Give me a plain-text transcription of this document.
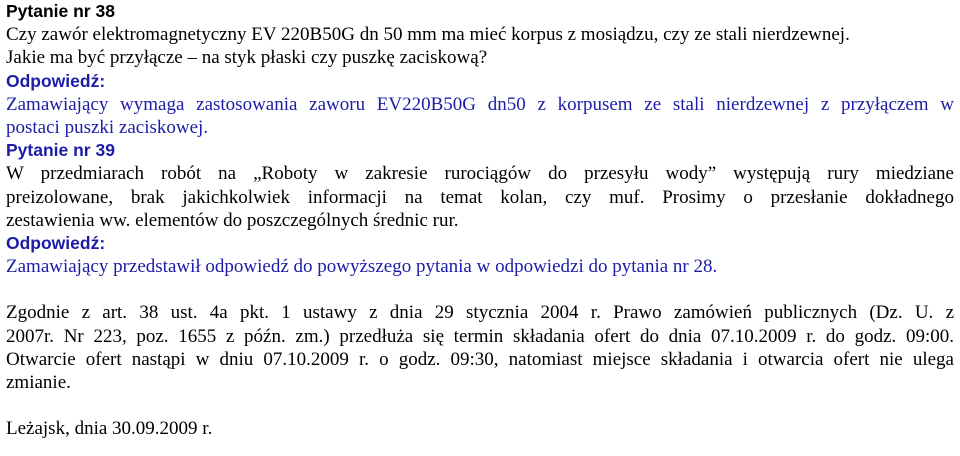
Pytanie nr 38
Czy zawór elektromagnetyczny EV 220B50G dn 50 mm ma mieć korpus z mosiądzu, czy ze stali nierdzewnej.
Jakie ma być przyłącze – na styk płaski czy puszkę zaciskową?
Odpowiedź:
Zamawiający wymaga zastosowania zaworu EV220B50G dn50 z korpusem ze stali nierdzewnej z przyłączem w
postaci puszki zaciskowej.
Pytanie nr 39
W przedmiarach robót na „Roboty w zakresie rurociągów do przesyłu wody” występują rury miedziane
preizolowane, brak jakichkolwiek informacji na temat kolan, czy muf. Prosimy o przesłanie dokładnego
zestawienia ww. elementów do poszczególnych średnic rur.
Odpowiedź:
Zamawiający przedstawił odpowiedź do powyższego pytania w odpowiedzi do pytania nr 28.
Zgodnie z art. 38 ust. 4a pkt. 1 ustawy z dnia 29 stycznia 2004 r. Prawo zamówień publicznych (Dz. U. z
2007r. Nr 223, poz. 1655 z późn. zm.) przedłuża się termin składania ofert do dnia 07.10.2009 r. do godz. 09:00.
Otwarcie ofert nastąpi w dniu 07.10.2009 r. o godz. 09:30, natomiast miejsce składania i otwarcia ofert nie ulega
zmianie.
Leżajsk, dnia 30.09.2009 r.
